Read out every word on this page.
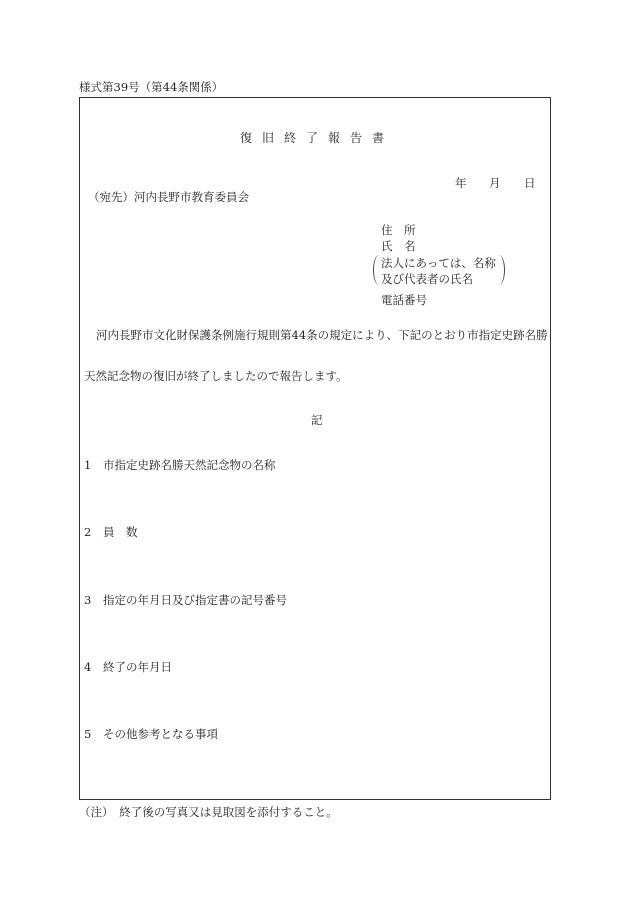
様式第39号（第44条関係）
復旧終了報告書
年 月 日
（宛先）河内長野市教育委員会
住　所
氏　名
法人にあっては、名称
及び代表者の氏名
電話番号
河内長野市文化財保護条例施行規則第44条の規定により、下記のとおり市指定史跡名勝
天然記念物の復旧が終了しましたので報告します。
記
1 市指定史跡名勝天然記念物の名称
2 員　数
3 指定の年月日及び指定書の記号番号
4 終了の年月日
5 その他参考となる事項
（注）　終了後の写真又は見取図を添付すること。
